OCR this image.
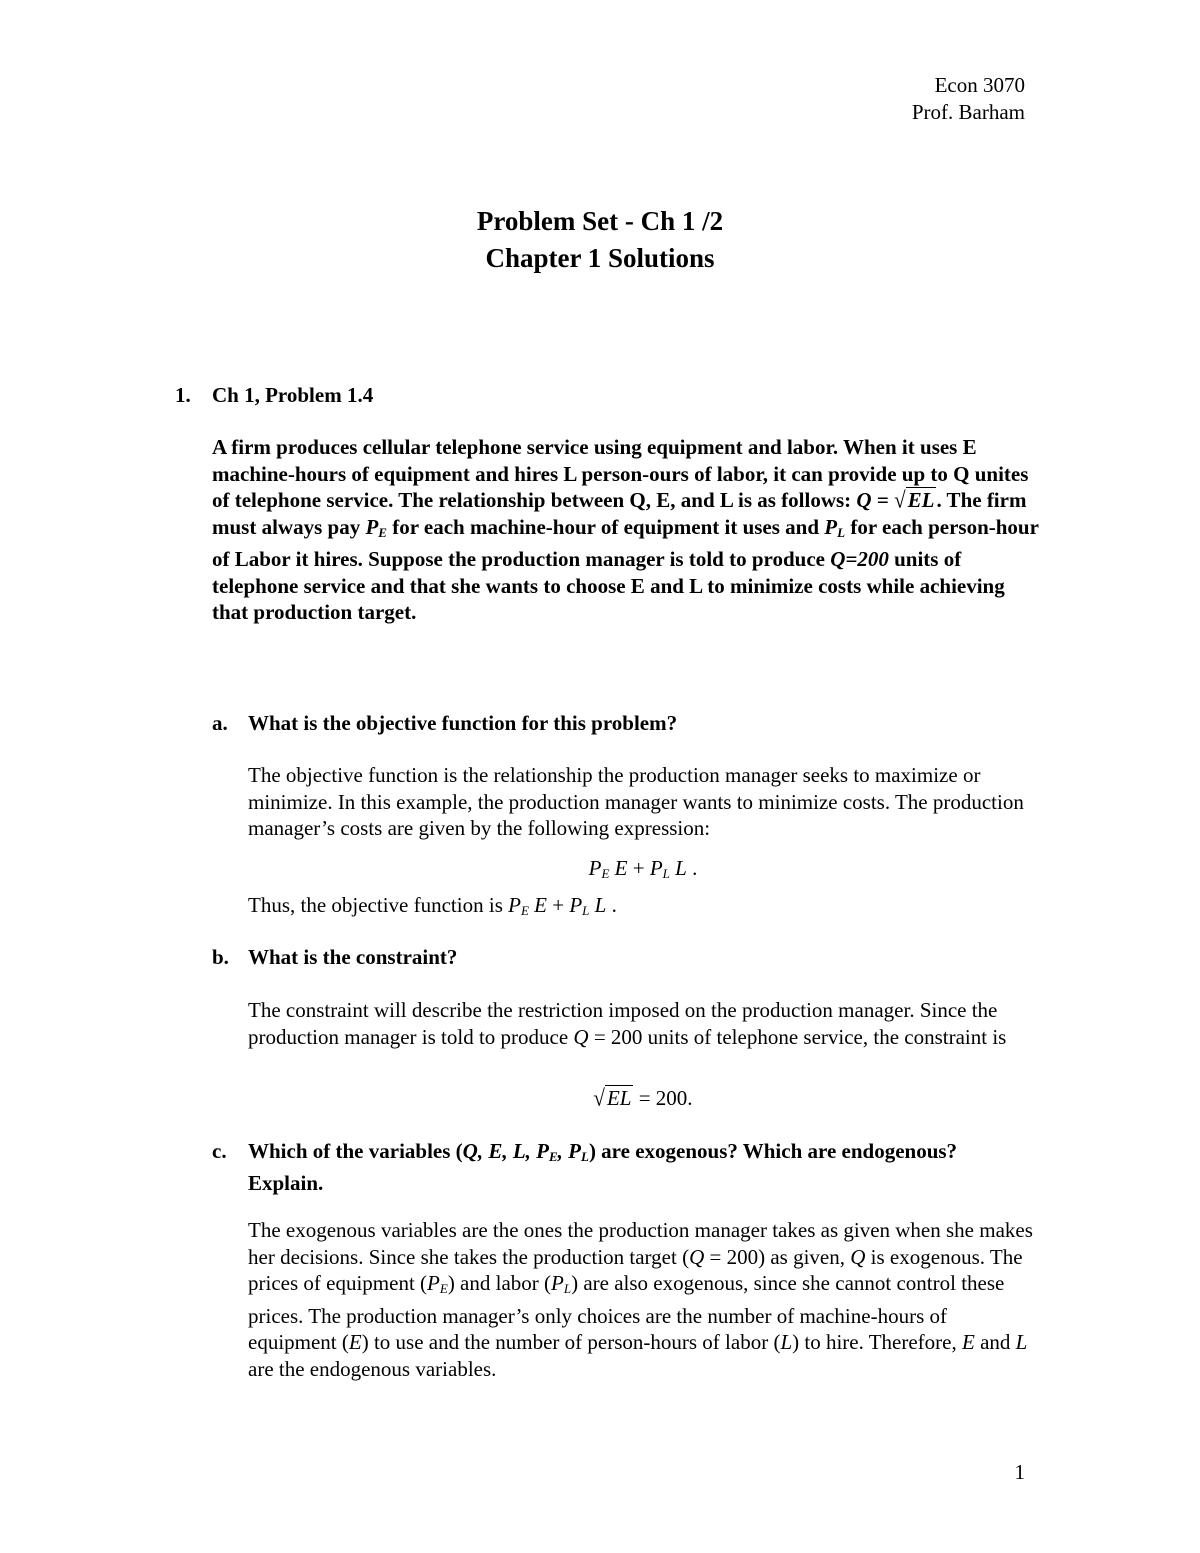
Econ 3070
Prof. Barham
Problem Set - Ch 1 /2
Chapter 1 Solutions
1. Ch 1, Problem 1.4

A firm produces cellular telephone service using equipment and labor. When it uses E machine-hours of equipment and hires L person-ours of labor, it can provide up to Q unites of telephone service. The relationship between Q, E, and L is as follows: Q = √EL. The firm must always pay $P_E$ for each machine-hour of equipment it uses and $P_L$ for each person-hour of Labor it hires. Suppose the production manager is told to produce Q=200 units of telephone service and that she wants to choose E and L to minimize costs while achieving that production target.

a. What is the objective function for this problem?

The objective function is the relationship the production manager seeks to maximize or minimize. In this example, the production manager wants to minimize costs. The production manager’s costs are given by the following expression:

$P_E$ $E + P_L$ L .

Thus, the objective function is $P_E$ $E + P_L$ L .

b. What is the constraint?

The constraint will describe the restriction imposed on the production manager. Since the production manager is told to produce Q = 200 units of telephone service, the constraint is

√EL = 200.
c. Which of the variables (Q, E, L, $P_E$, $P_L$) are exogenous? Which are endogenous? Explain.

The exogenous variables are the ones the production manager takes as given when she makes her decisions. Since she takes the production target (Q = 200) as given, Q is exogenous. The prices of equipment $(P_E)$ and labor $(P_L)$ are also exogenous, since she cannot control these prices. The production manager’s only choices are the number of machine-hours of equipment (E) to use and the number of person-hours of labor (L) to hire. Therefore, E and L are the endogenous variables.

1
